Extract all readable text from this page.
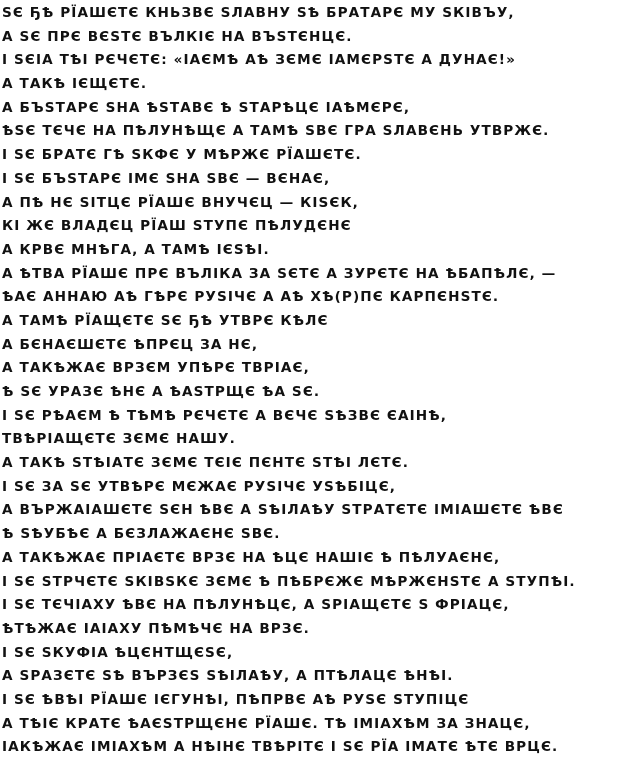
ЅЄ ҔѢ РЇАШЄТЄ КНЬЗВЄ ЅЛАВНУ ЅѢ БРАТАРЄ МУ ЅКІВЪУ,
А ЅЄ ПРЄ ВЄЅТЄ ВЪЛКІЄ НА ВЪЅТЄНЦЄ.
І ЅЄІА ТѢІ РЄЧЄТЄ: «ІАЄМѢ АѢ ЗЄМЄ ІАМЄРЅТЄ А ДУНАЄ!»
А ТАКѢ ІЄЩЄТЄ.
А БЪЅТАРЄ ЅНА ѢЅТАВЄ Ѣ ЅТАРѢЦЄ ІАѢМЄРЄ,
ѢЅЄ ТЄЧЄ НА ПѢЛУНѢЩЄ А ТАМѢ ЅВЄ ГРА ЅЛАВЄНЬ УТВРЖЄ.
І ЅЄ БРАТЄ ГѢ ЅКФЄ У МѢРЖЄ РЇАШЄТЄ.
І ЅЄ БЪЅТАРЄ ІМЄ ЅНА ЅВЄ — ВЄНАЄ,
А ПѢ НЄ ЅІТЦЄ РЇАШЄ ВНУЧЄЦ — КІЅЄК,
КІ ЖЄ ВЛАДЄЦ РЇАШ ЅТУПЄ ПѢЛУДЄНЄ
А КРВЄ МНѢГА, А ТАМѢ ІЄЅѢІ.
А ѢТВА РЇАШЄ ПРЄ ВЪЛІКА ЗА ЅЄТЄ А ЗУРЄТЄ НА ѢБАПѢЛЄ, —
ѢАЄ АННАЮ АѢ ГѢРЄ РУЅІЧЄ А АѢ ХѢ(Р)ПЄ КАРПЄНЅТЄ.
А ТАМѢ РЇАЩЄТЄ ЅЄ ҔѢ УТВРЄ КѢЛЄ
А БЄНАЄШЄТЄ ѢПРЄЦ ЗА НЄ,
А ТАКѢЖАЄ ВРЗЄМ УПѢРЄ ТВРІАЄ,
Ѣ ЅЄ УРАЗЄ ѢНЄ А ѢАЅТРЩЄ ѢА ЅЄ.
І ЅЄ РѢАЄМ Ѣ ТѢМѢ РЄЧЄТЄ А ВЄЧЄ ЅѢЗВЄ ЄАІНѢ,
ТВѢРІАЩЄТЄ ЗЄМЄ НАШУ.
А ТАКѢ ЅТѢІАТЄ ЗЄМЄ ТЄІЄ ПЄНТЄ ЅТѢІ ЛЄТЄ.
І ЅЄ ЗА ЅЄ УТВѢРЄ МЄЖАЄ РУЅІЧЄ УЅѢБІЦЄ,
А ВЪРЖАІАШЄТЄ ЅЄН ѢВЄ А ЅѢІЛАѢУ ЅТРАТЄТЄ ІМІАШЄТЄ ѢВЄ
Ѣ ЅѢУБѢЄ А БЄЗЛАЖАЄНЄ ЅВЄ.
А ТАКѢЖАЄ ПРІАЄТЄ ВРЗЄ НА ѢЦЄ НАШІЄ Ѣ ПѢЛУАЄНЄ,
І ЅЄ ЅТРЧЄТЄ ЅКІВЅКЄ ЗЄМЄ Ѣ ПѢБРЄЖЄ МѢРЖЄНЅТЄ А ЅТУПѢІ.
І ЅЄ ТЄЧІАХУ ѢВЄ НА ПѢЛУНѢЦЄ, А ЅРІАЩЄТЄ Ѕ ФРІАЦЄ,
ѢТѢЖАЄ ІАІАХУ ПѢМѢЧЄ НА ВРЗЄ.
І ЅЄ ЅКУФІА ѢЦЄНТЩЄЅЄ,
А ЅРАЗЄТЄ ЅѢ ВЪРЗЄЅ ЅѢІЛАѢУ, А ПТѢЛАЦЄ ѢНѢІ.
І ЅЄ ѢВѢІ РЇАШЄ ІЄГУНѢІ, ПѢПРВЄ АѢ РУЅЄ ЅТУПІЦЄ
А ТѢІЄ КРАТЄ ѢАЄЅТРЩЄНЄ РЇАШЄ. ТѢ ІМІАХѢМ ЗА ЗНАЦЄ,
ІАКѢЖАЄ ІМІАХѢМ А НѢІНЄ ТВѢРІТЄ І ЅЄ РЇА ІМАТЄ ѢТЄ ВРЦЄ.
